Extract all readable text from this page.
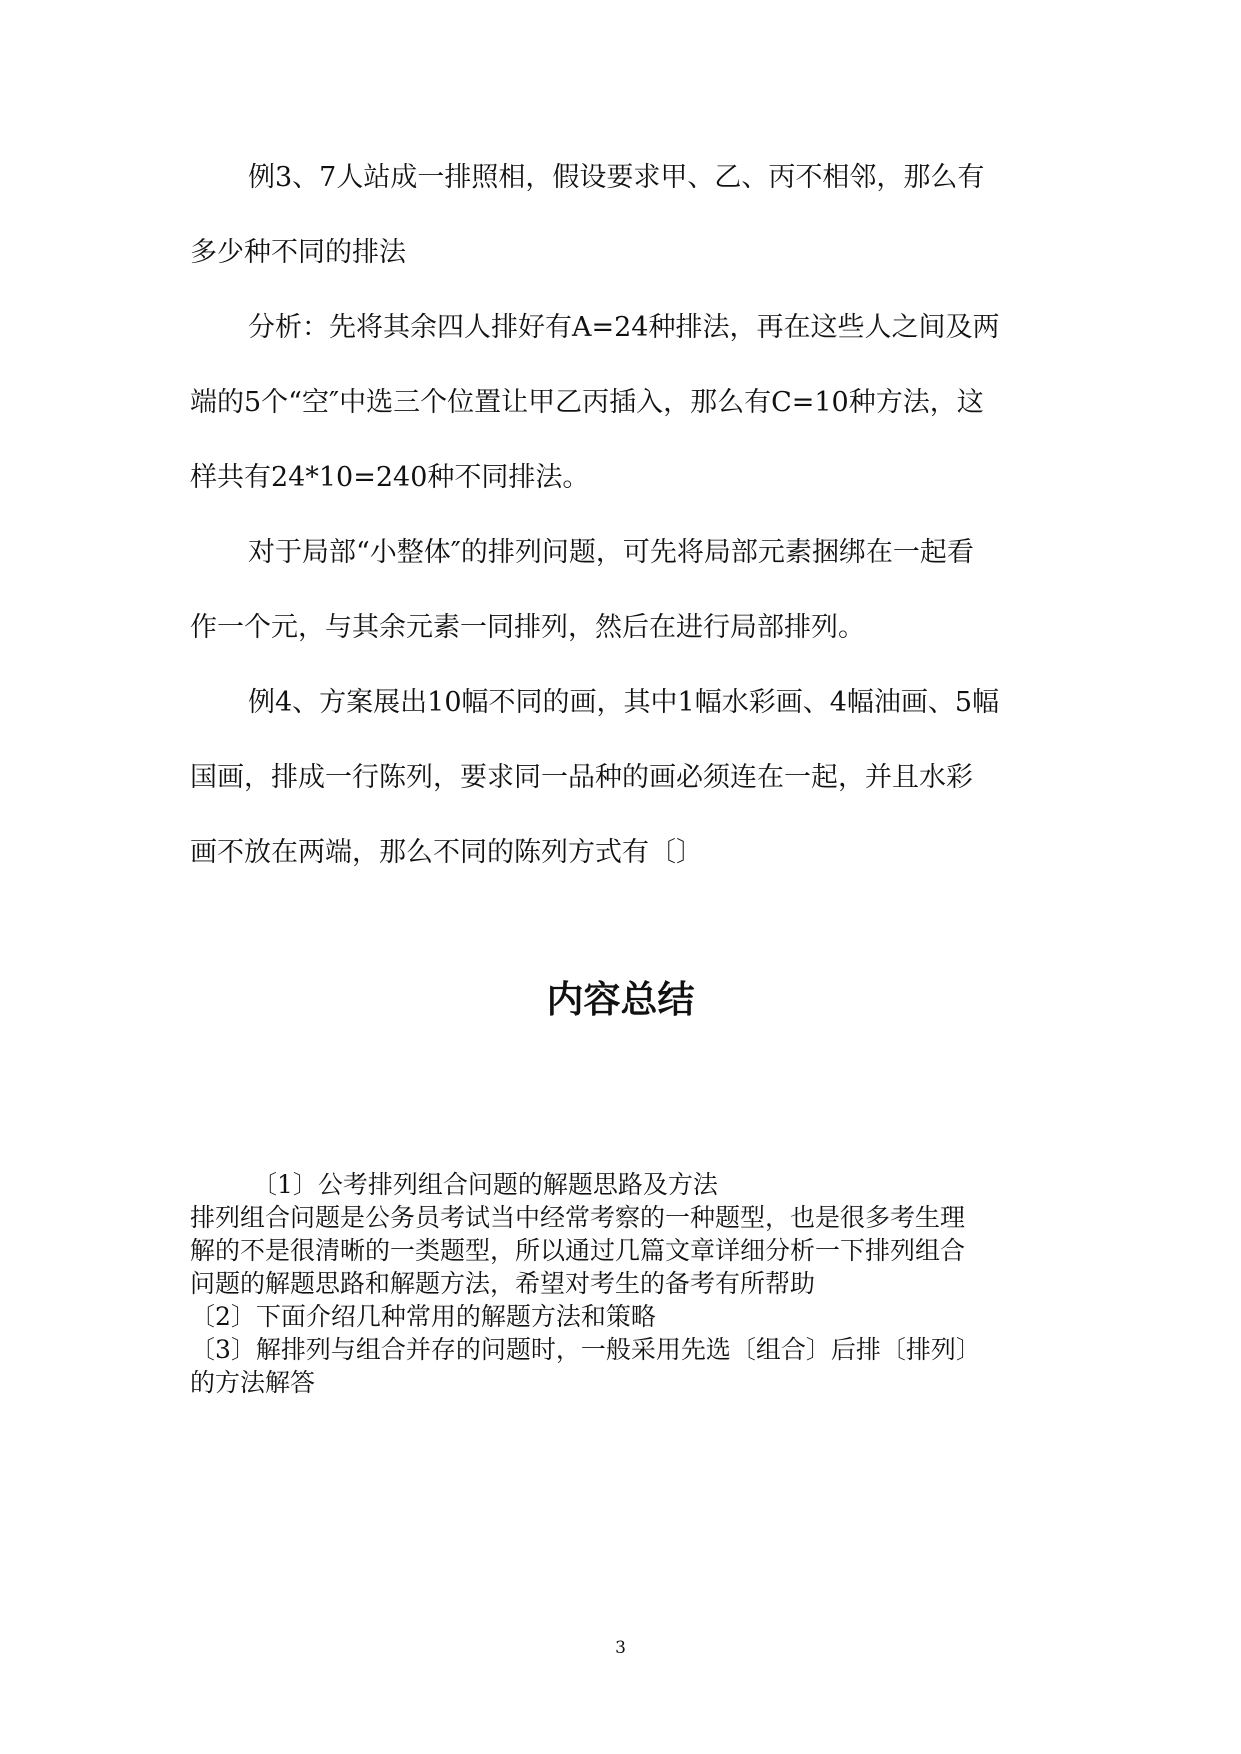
例3、7人站成一排照相，假设要求甲、乙、丙不相邻，那么有

多少种不同的排法

分析：先将其余四人排好有A=24种排法，再在这些人之间及两

端的5个“空″中选三个位置让甲乙丙插入，那么有C=10种方法，这

样共有24*10=240种不同排法。

对于局部“小整体″的排列问题，可先将局部元素捆绑在一起看

作一个元，与其余元素一同排列，然后在进行局部排列。

例4、方案展出10幅不同的画，其中1幅水彩画、4幅油画、5幅

国画，排成一行陈列，要求同一品种的画必须连在一起，并且水彩

画不放在两端，那么不同的陈列方式有〔〕

内容总结

〔1〕公考排列组合问题的解题思路及方法

排列组合问题是公务员考试当中经常考察的一种题型，也是很多考生理

解的不是很清晰的一类题型，所以通过几篇文章详细分析一下排列组合

问题的解题思路和解题方法，希望对考生的备考有所帮助

〔2〕下面介绍几种常用的解题方法和策略

〔3〕解排列与组合并存的问题时，一般采用先选〔组合〕后排〔排列〕

的方法解答

3
